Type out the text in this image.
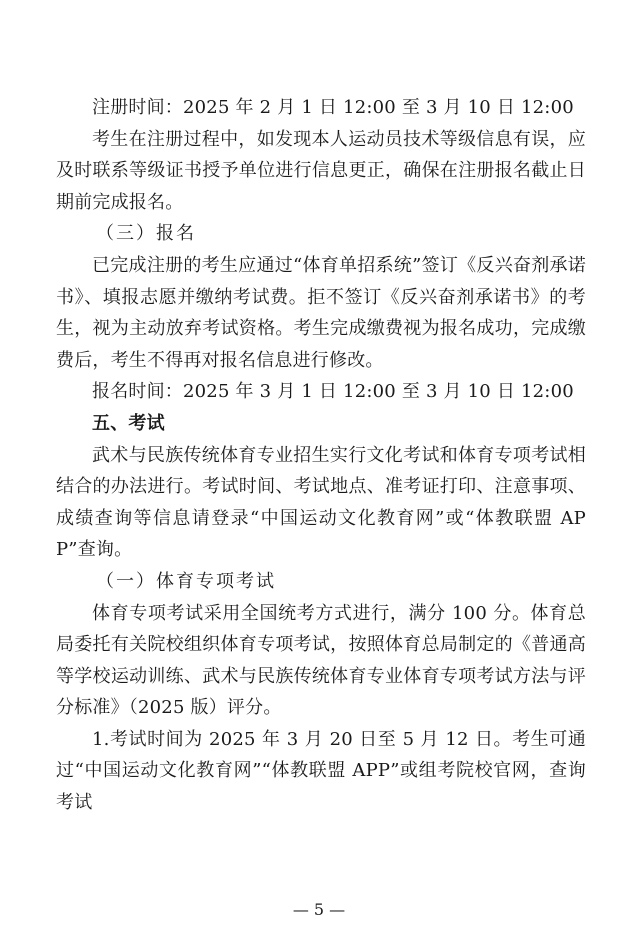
注册时间：2025 年 2 月 1 日 12:00 至 3 月 10 日 12:00

考生在注册过程中，如发现本人运动员技术等级信息有误，应及时联系等级证书授予单位进行信息更正，确保在注册报名截止日期前完成报名。

（三）报名

已完成注册的考生应通过“体育单招系统”签订《反兴奋剂承诺书》、填报志愿并缴纳考试费。拒不签订《反兴奋剂承诺书》的考生，视为主动放弃考试资格。考生完成缴费视为报名成功，完成缴费后，考生不得再对报名信息进行修改。

报名时间：2025 年 3 月 1 日 12:00 至 3 月 10 日 12:00

五、考试

武术与民族传统体育专业招生实行文化考试和体育专项考试相结合的办法进行。考试时间、考试地点、准考证打印、注意事项、成绩查询等信息请登录“中国运动文化教育网”或“体教联盟 APP”查询。

（一）体育专项考试

体育专项考试采用全国统考方式进行，满分 100 分。体育总局委托有关院校组织体育专项考试，按照体育总局制定的《普通高等学校运动训练、武术与民族传统体育专业体育专项考试方法与评分标准》（2025 版）评分。

1.考试时间为 2025 年 3 月 20 日至 5 月 12 日。考生可通过“中国运动文化教育网”“体教联盟 APP”或组考院校官网，查询考试

— 5 —
